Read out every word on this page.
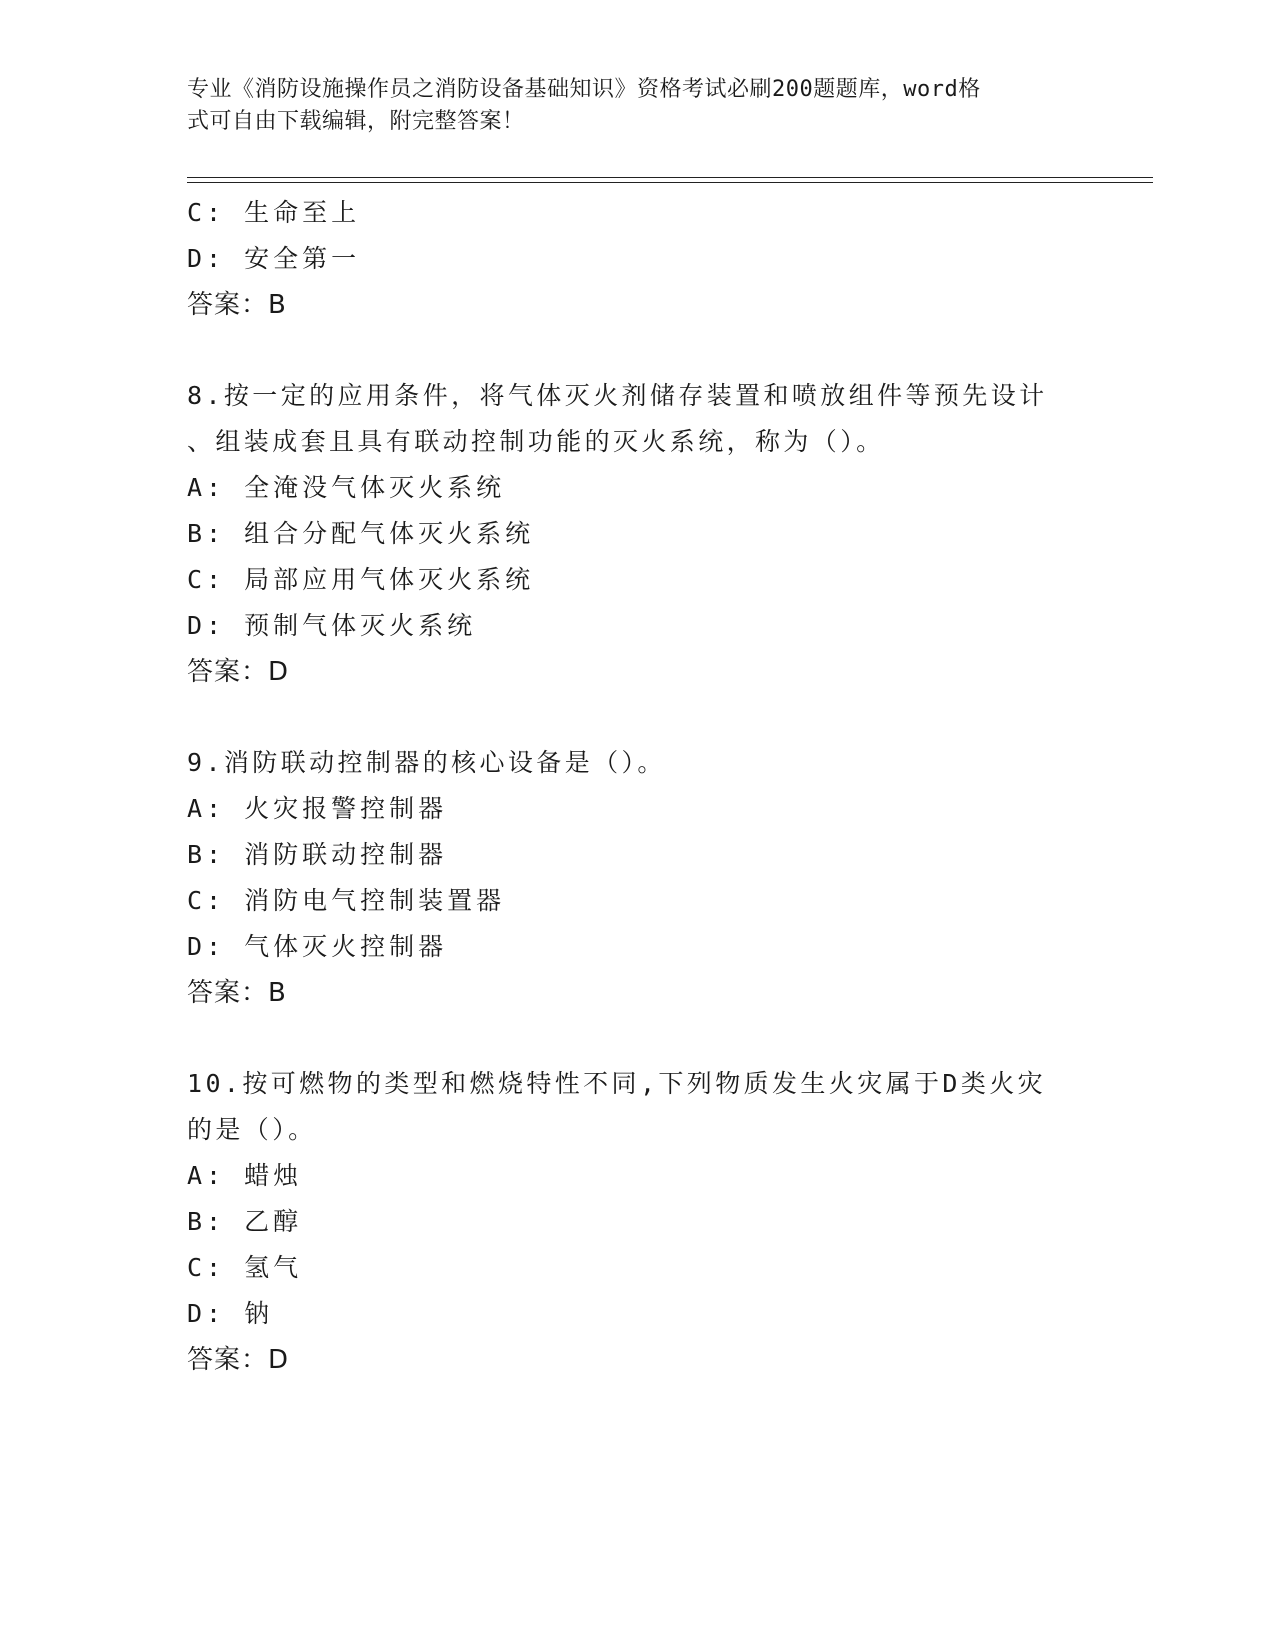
专业《消防设施操作员之消防设备基础知识》资格考试必刷200题题库，word格
式可自由下载编辑，附完整答案！
C: 生命至上
D: 安全第一
答案：B
8.按一定的应用条件，将气体灭火剂储存装置和喷放组件等预先设计
、组装成套且具有联动控制功能的灭火系统，称为（）。
A: 全淹没气体灭火系统
B: 组合分配气体灭火系统
C: 局部应用气体灭火系统
D: 预制气体灭火系统
答案：D
9.消防联动控制器的核心设备是（）。
A: 火灾报警控制器
B: 消防联动控制器
C: 消防电气控制装置器
D: 气体灭火控制器
答案：B
10.按可燃物的类型和燃烧特性不同,下列物质发生火灾属于D类火灾
的是（）。
A: 蜡烛
B: 乙醇
C: 氢气
D: 钠
答案：D
